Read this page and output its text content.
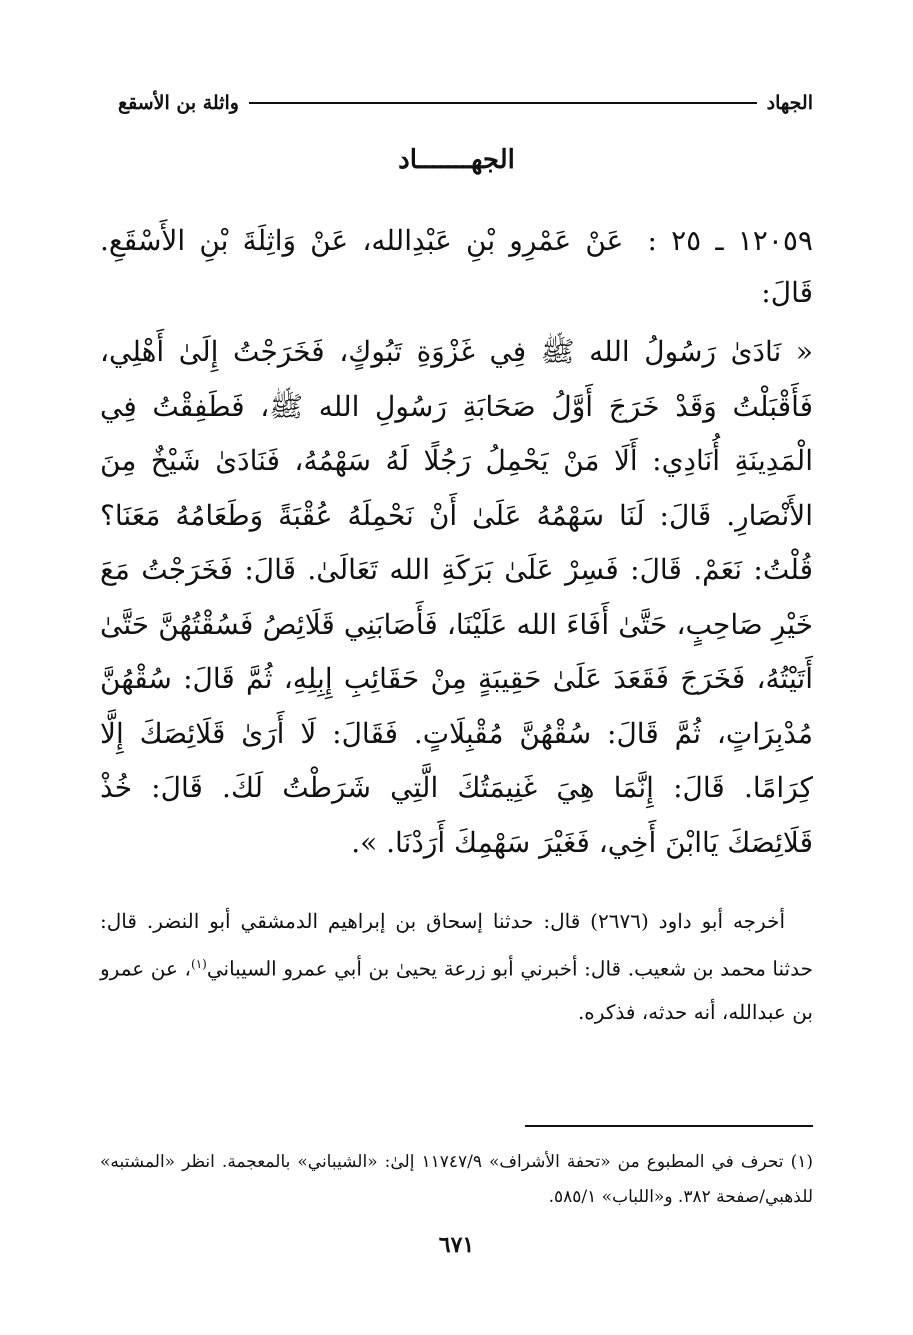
الجهاد
واثلة بن الأسقع
الجهـــــــاد
١٢٠٥٩ ـ ٢٥ : عَنْ عَمْرِو بْنِ عَبْدِالله، عَنْ وَاثِلَةَ بْنِ الأَسْقَعِ. قَالَ:
« نَادَىٰ رَسُولُ الله ﷺ فِي غَزْوَةِ تَبُوكٍ، فَخَرَجْتُ إِلَىٰ أَهْلِي، فَأَقْبَلْتُ وَقَدْ خَرَجَ أَوَّلُ صَحَابَةِ رَسُولِ الله ﷺ، فَطَفِقْتُ فِي الْمَدِينَةِ أُنَادِي: أَلَا مَنْ يَحْمِلُ رَجُلًا لَهُ سَهْمُهُ، فَنَادَىٰ شَيْخٌ مِنَ الأَنْصَارِ. قَالَ: لَنَا سَهْمُهُ عَلَىٰ أَنْ نَحْمِلَهُ عُقْبَةً وَطَعَامُهُ مَعَنَا؟ قُلْتُ: نَعَمْ. قَالَ: فَسِرْ عَلَىٰ بَرَكَةِ الله تَعَالَىٰ. قَالَ: فَخَرَجْتُ مَعَ خَيْرِ صَاحِبٍ، حَتَّىٰ أَفَاءَ الله عَلَيْنَا، فَأَصَابَنِي قَلَائِصُ فَسُقْتُهُنَّ حَتَّىٰ أَتَيْتُهُ، فَخَرَجَ فَقَعَدَ عَلَىٰ حَقِيبَةٍ مِنْ حَقَائِبِ إِبِلِهِ، ثُمَّ قَالَ: سُقْهُنَّ مُدْبِرَاتٍ، ثُمَّ قَالَ: سُقْهُنَّ مُقْبِلَاتٍ. فَقَالَ: لَا أَرَىٰ قَلَائِصَكَ إِلَّا كِرَامًا. قَالَ: إِنَّمَا هِيَ غَنِيمَتُكَ الَّتِي شَرَطْتُ لَكَ. قَالَ: خُذْ قَلَائِصَكَ يَاابْنَ أَخِي، فَغَيْرَ سَهْمِكَ أَرَدْنَا. ».
أخرجه أبو داود (٢٦٧٦) قال: حدثنا إسحاق بن إبراهيم الدمشقي أبو النضر. قال: حدثنا محمد بن شعيب. قال: أخبرني أبو زرعة يحيىٰ بن أبي عمرو السيباني$^{(١)}$، عن عمرو بن عبدالله، أنه حدثه، فذكره.
(١) تحرف في المطبوع من «تحفة الأشراف» ١١٧٤٧/٩ إلىٰ: «الشيباني» بالمعجمة. انظر «المشتبه» للذهبي/صفحة ٣٨٢. و«اللباب» ٥٨٥/١.
٦٧١
